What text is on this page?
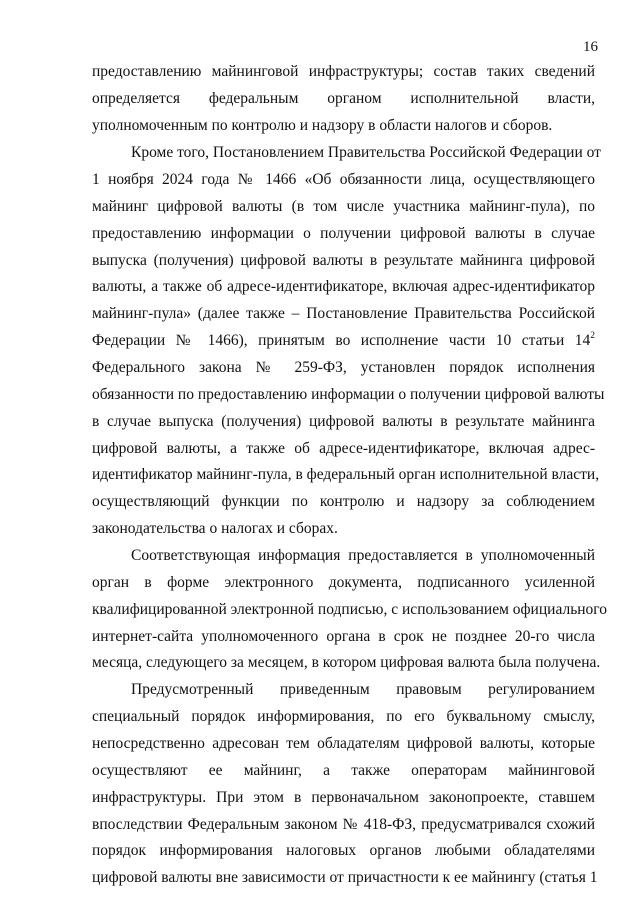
16
предоставлению майнинговой инфраструктуры; состав таких сведений
определяется федеральным органом исполнительной власти,
уполномоченным по контролю и надзору в области налогов и сборов.
Кроме того, Постановлением Правительства Российской Федерации от
1 ноября 2024 года № 1466 «Об обязанности лица, осуществляющего
майнинг цифровой валюты (в том числе участника майнинг-пула), по
предоставлению информации о получении цифровой валюты в случае
выпуска (получения) цифровой валюты в результате майнинга цифровой
валюты, а также об адресе-идентификаторе, включая адрес-идентификатор
майнинг-пула» (далее также – Постановление Правительства Российской
Федерации № 1466), принятым во исполнение части 10 статьи $14^2$
Федерального закона № 259-ФЗ, установлен порядок исполнения
обязанности по предоставлению информации о получении цифровой валюты
в случае выпуска (получения) цифровой валюты в результате майнинга
цифровой валюты, а также об адресе-идентификаторе, включая адрес-
идентификатор майнинг-пула, в федеральный орган исполнительной власти,
осуществляющий функции по контролю и надзору за соблюдением
законодательства о налогах и сборах.
Соответствующая информация предоставляется в уполномоченный
орган в форме электронного документа, подписанного усиленной
квалифицированной электронной подписью, с использованием официального
интернет-сайта уполномоченного органа в срок не позднее 20-го числа
месяца, следующего за месяцем, в котором цифровая валюта была получена.
Предусмотренный приведенным правовым регулированием
специальный порядок информирования, по его буквальному смыслу,
непосредственно адресован тем обладателям цифровой валюты, которые
осуществляют ее майнинг, а также операторам майнинговой
инфраструктуры. При этом в первоначальном законопроекте, ставшем
впоследствии Федеральным законом № 418-ФЗ, предусматривался схожий
порядок информирования налоговых органов любыми обладателями
цифровой валюты вне зависимости от причастности к ее майнингу (статья 1
